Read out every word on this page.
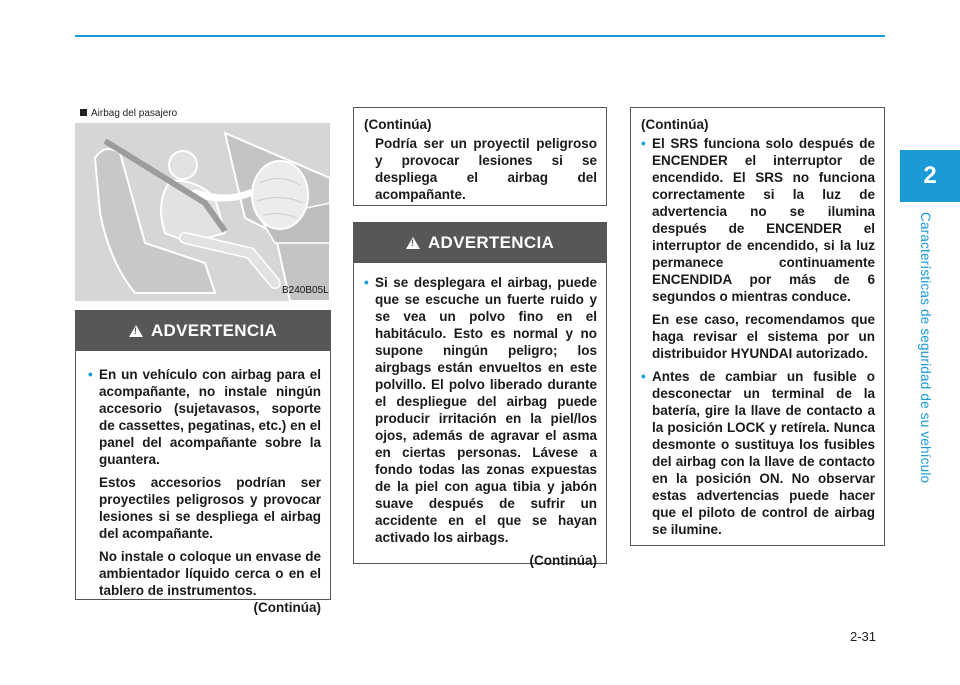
2
Características de seguridad de su vehículo
Airbag del pasajero
B240B05L
!
ADVERTENCIA

• En un vehículo con airbag para el acompañante, no instale ningún accesorio (sujetavasos, soporte de cassettes, pegatinas, etc.) en el panel del acompañante sobre la guantera.

Estos accesorios podrían ser proyectiles peligrosos y provocar lesiones si se despliega el airbag del acompañante.

No instale o coloque un envase de ambientador líquido cerca o en el tablero de instrumentos.

(Continúa)

(Continúa)

Podría ser un proyectil peligroso y provocar lesiones si se despliega el airbag del acompañante.

!
ADVERTENCIA

• Si se desplegara el airbag, puede que se escuche un fuerte ruido y se vea un polvo fino en el habitáculo. Esto es normal y no supone ningún peligro; los airgbags están envueltos en este polvillo. El polvo liberado durante el despliegue del airbag puede producir irritación en la piel/los ojos, además de agravar el asma en ciertas personas. Lávese a fondo todas las zonas expuestas de la piel con agua tibia y jabón suave después de sufrir un accidente en el que se hayan activado los airbags.

(Continúa)

(Continúa)

• El SRS funciona solo después de ENCENDER el interruptor de encendido. El SRS no funciona correctamente si la luz de advertencia no se ilumina después de ENCENDER el interruptor de encendido, si la luz permanece continuamente ENCENDIDA por más de 6 segundos o mientras conduce.

En ese caso, recomendamos que haga revisar el sistema por un distribuidor HYUNDAI autorizado.

• Antes de cambiar un fusible o desconectar un terminal de la batería, gire la llave de contacto a la posición LOCK y retírela. Nunca desmonte o sustituya los fusibles del airbag con la llave de contacto en la posición ON. No observar estas advertencias puede hacer que el piloto de control de airbag se ilumine.

2-31
